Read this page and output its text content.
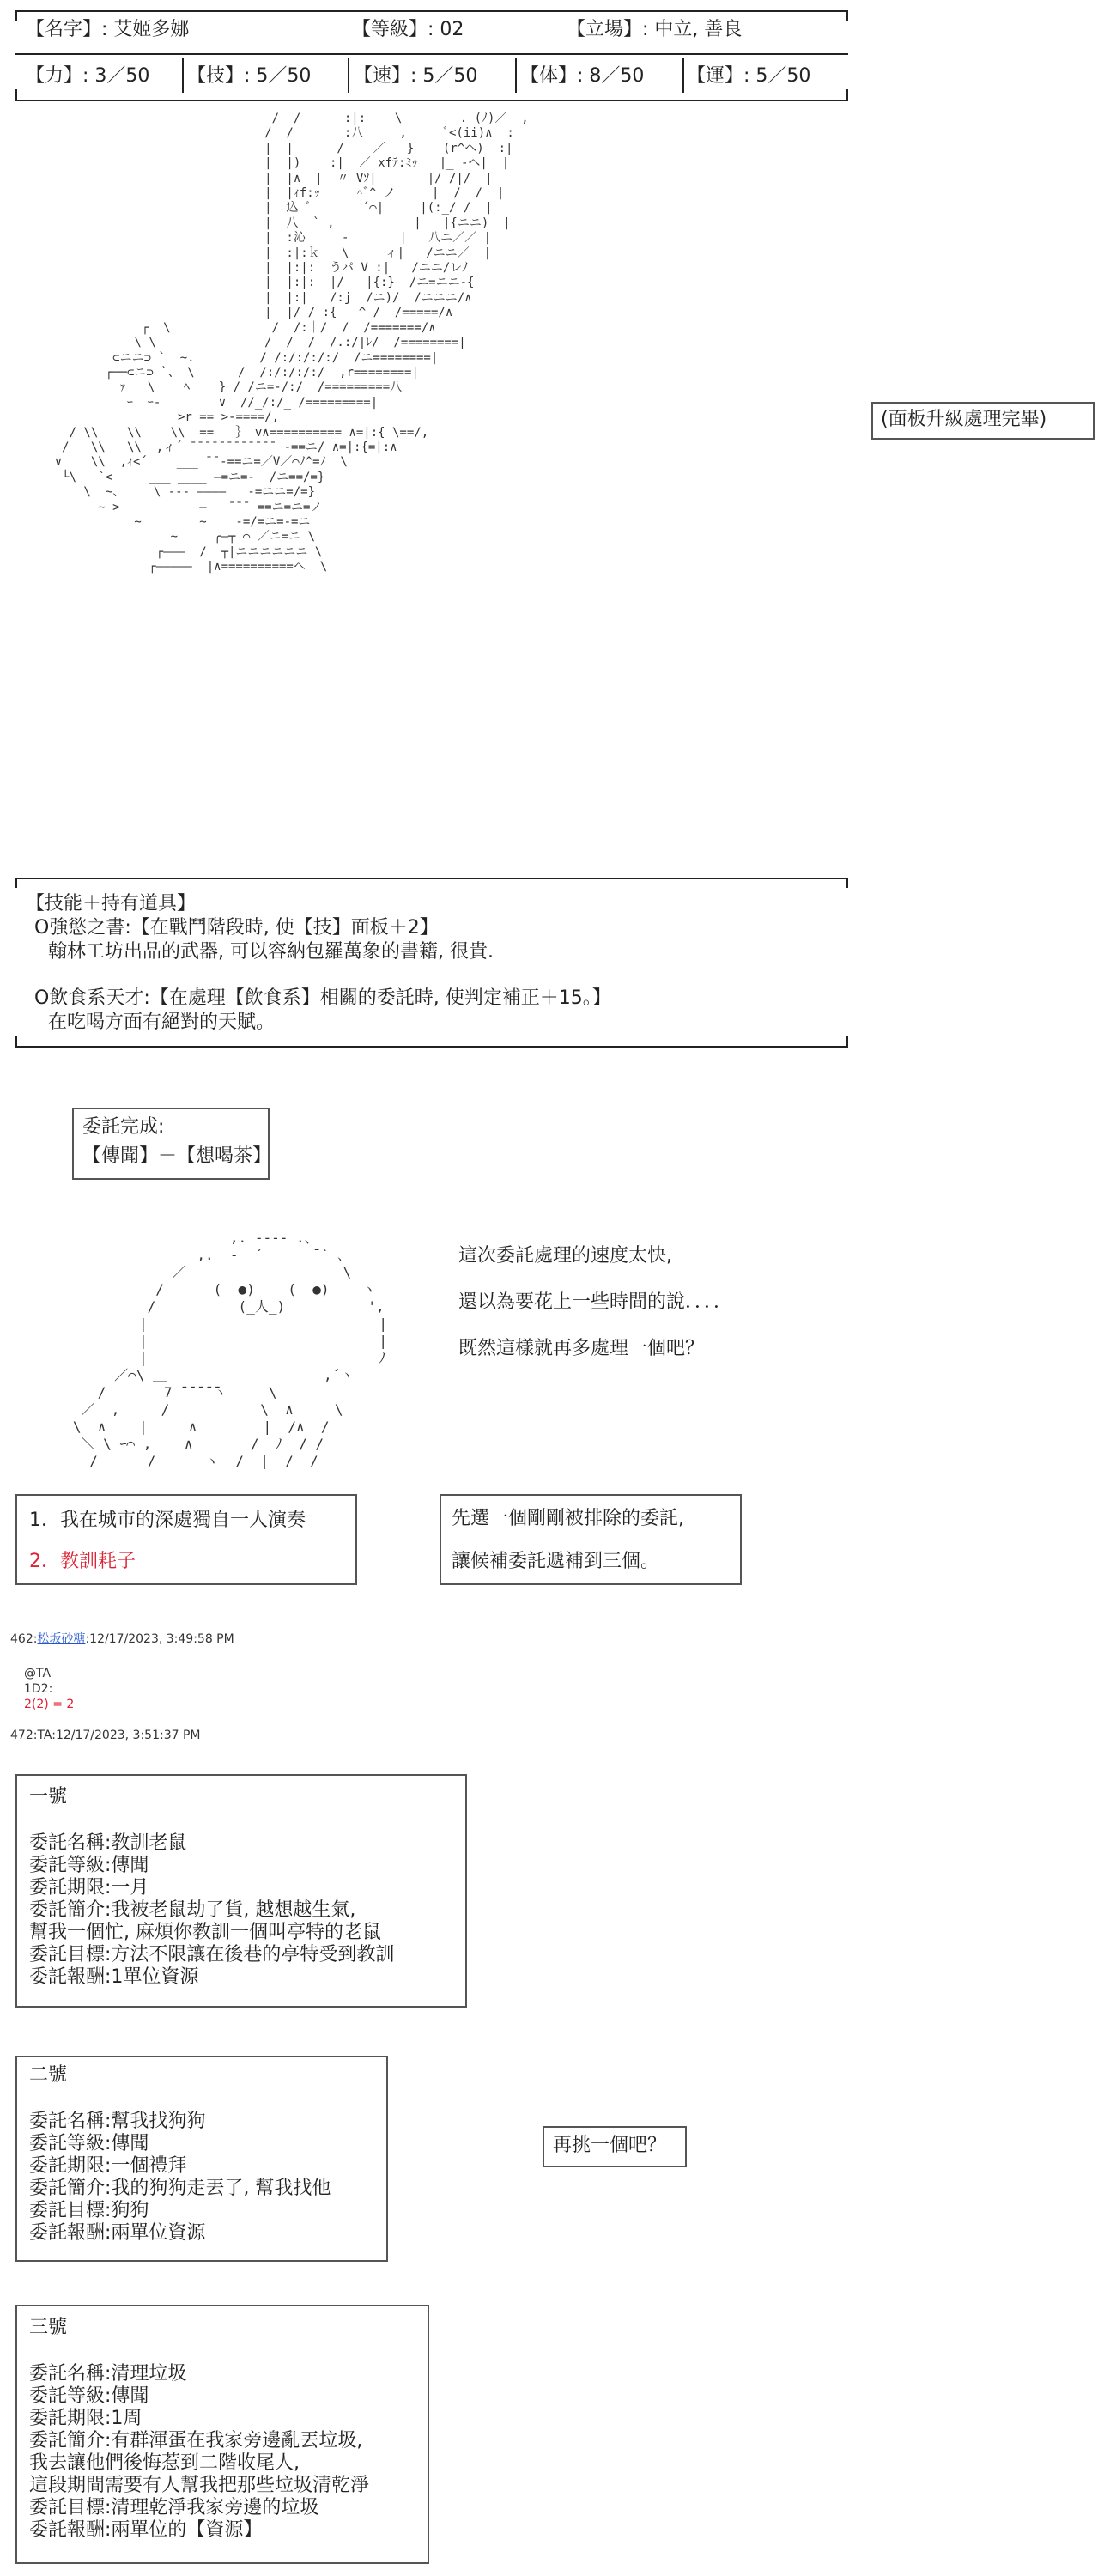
【名字】: 艾姬多娜	【等級】: 02	【立場】: 中立, 善良
【力】: 3／50 【技】: 5／50 【速】: 5／50 【体】: 8／50 【運】: 5／50
/  /      :|:    \        ._(ﾉ)／  ,
/  /       :八     ,     ﾞ<(ii)∧  :
|  |      /    ／  _}    (r^ヘ)  :|
|  |)    :|  ／ xfﾃ:ﾐｯ   |_ -ヘ|  |
|  |∧  |  〃 Vｿ|       |/ /|/  |
|  |ｨf:ｯ     ^ﾞ^ ノ     |  /  /  |
|  込 ﾞ       ´⌒|     |(:_/ /  |
|  八  ` ,           |   |{ニニ)  |
|  :沁     ‐       |   八ニ／／ |
|  :|:ｋ   \     ィ|   /ニニ／  |
|  |:|:  うパ V :|   /ニニ/レﾉ
|  |:|:  |/   |{:}  /ニ=ニニ-{
|  |:|   /:j  /ニ)/  /ニニニ/∧
|  |/ /_:{   ^ /  /=====/∧
┌  \              /  /:｜/  /  /=======/∧
\ \               /  /  /  /.:/|ﾚ/  /========|
⊂ニニ⊃ `  ~.         / /:/:/:/:/  /ニ========|
┌──⊂ニ⊃ `、 \      /  /:/:/:/:/  ,r========|
ｧ   \    ﾍ    } / /ニ=-/:/  /=========八
ｰ  ｰ-        ∨  //_/:/_ /=========|
>r == >‐====/,
/ \\    \\    \\  ==   ｝ v∧========== ∧=|:{ \==/,
/   \\   \\  ,ィ´ ¯¯¯¯¯¯¯¯¯¯¯¯ -==ニ/ ∧=|:{=|:∧
∨    \\  ,ｨ<´    ___ ¯¯-==ニ=／V／⌒ﾉ^=ﾉ  \
└\   `<     ___ ____ ―=ニ=-  /ニ==/=}
\  ~、    \ --- ――――   -=ニニ=/=}
~ >           ―   ¯¯¯ ==ニ=ニ=ノ
~        ~    -=/=ニ=-=ニ
~     ╭―┬ ⌒ ／ニ=ニ \
┌―――  /  ┬|ニニニニニニ \
┌―――――  |∧==========へ  \

(面板升級處理完畢)
【技能＋持有道具】
O強慾之書:【在戰鬥階段時, 使【技】面板＋2】
翰林工坊出品的武器, 可以容納包羅萬象的書籍, 很貴.
O飲食系天才:【在處理【飲食系】相關的委託時, 使判定補正＋15。】
在吃喝方面有絕對的天賦。
委託完成:
【傳聞】－【想喝茶】
,. ---- .、
,.  ‐  ´      ¯` ､
／                   \
/      (  ●)    (  ●)    ヽ
/          (_人_)          ',
|                            |
|                            |
|                            ﾉ
／⌒\ ＿                   ,´ヽ
/       7 ̄ ̄ ̄ ̄ ̄ヽ     \
／  ,     /           \  ∧     \
\  ∧    |     ∧        |  /∧  /
＼ \ ｰ⌒ ,    ∧       /  ﾉ  / /
/      /      ヽ  /  |  /  /

這次委託處理的速度太快,
還以為要花上一些時間的說．．．．
既然這樣就再多處理一個吧？
1．我在城市的深處獨自一人演奏
2．教訓耗子
先選一個剛剛被排除的委託,
讓候補委託遞補到三個。
462:松坂砂糖:12/17/2023, 3:49:58 PM
@TA
1D2:
2(2) = 2
472:TA:12/17/2023, 3:51:37 PM
一號
委託名稱:教訓老鼠
委託等級:傳聞
委託期限:一月
委託簡介:我被老鼠劫了貨, 越想越生氣,
幫我一個忙, 麻煩你教訓一個叫亭特的老鼠
委託目標:方法不限讓在後巷的亭特受到教訓
委託報酬:1單位資源
二號
委託名稱:幫我找狗狗
委託等級:傳聞
委託期限:一個禮拜
委託簡介:我的狗狗走丟了, 幫我找他
委託目標:狗狗
委託報酬:兩單位資源
再挑一個吧？
三號
委託名稱:清理垃圾
委託等級:傳聞
委託期限:1周
委託簡介:有群渾蛋在我家旁邊亂丟垃圾,
我去讓他們後悔惹到二階收尾人,
這段期間需要有人幫我把那些垃圾清乾淨
委託目標:清理乾淨我家旁邊的垃圾
委託報酬:兩單位的【資源】
